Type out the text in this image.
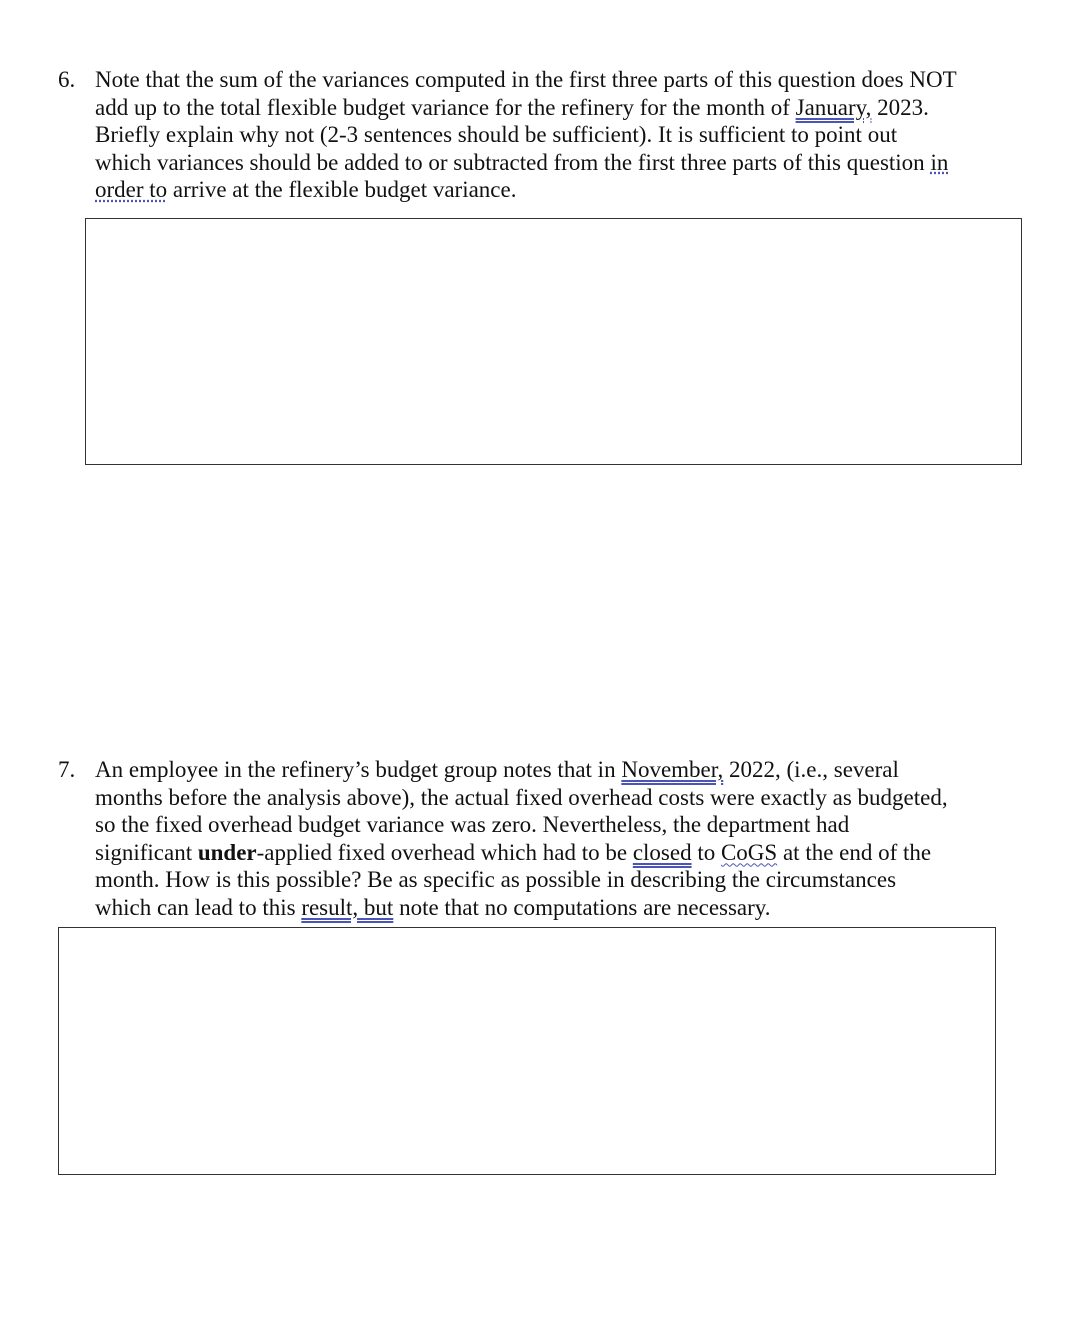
6. Note that the sum of the variances computed in the first three parts of this question does NOT
add up to the total flexible budget variance for the refinery for the month of January, 2023.
Briefly explain why not (2-3 sentences should be sufficient). It is sufficient to point out
which variances should be added to or subtracted from the first three parts of this question in
order to arrive at the flexible budget variance.
7. An employee in the refinery’s budget group notes that in November, 2022, (i.e., several
months before the analysis above), the actual fixed overhead costs were exactly as budgeted,
so the fixed overhead budget variance was zero. Nevertheless, the department had
significant under-applied fixed overhead which had to be closed to CoGS at the end of the
month. How is this possible? Be as specific as possible in describing the circumstances
which can lead to this result, but note that no computations are necessary.
